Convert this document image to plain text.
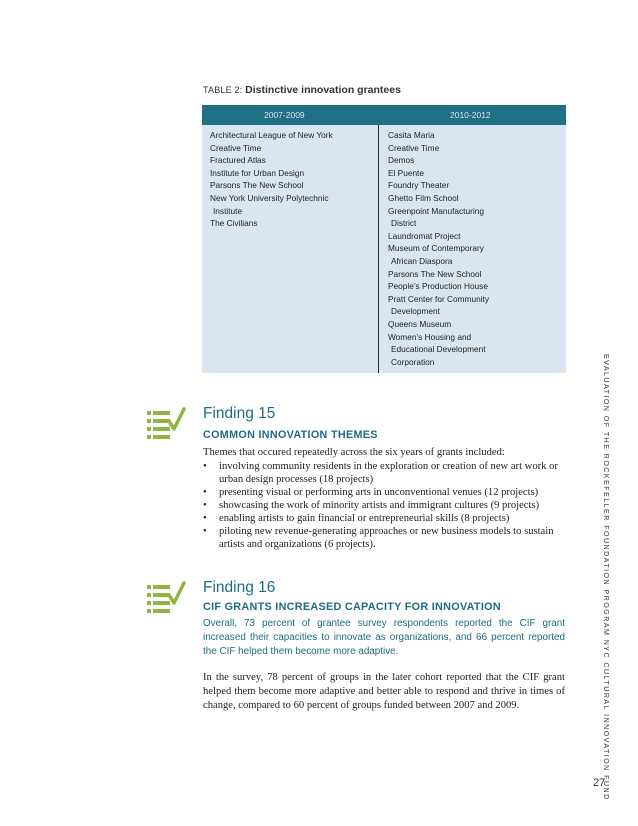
TABLE 2: Distinctive innovation grantees
2007-2009	2010-2012
Architectural League of New York
Creative Time
Fractured Atlas
Institute for Urban Design
Parsons The New School
New York University Polytechnic
Institute
The Civilians
Casita Maria
Creative Time
Demos
El Puente
Foundry Theater
Ghetto Film School
Greenpoint Manufacturing
District
Laundromat Project
Museum of Contemporary
African Diaspora
Parsons The New School
People’s Production House
Pratt Center for Community
Development
Queens Museum
Women’s Housing and
Educational Development
Corporation
Finding 15
COMMON INNOVATION THEMES
Themes that occured repeatedly across the six years of grants included:
• involving community residents in the exploration or creation of new art work or urban design processes (18 projects)
• presenting visual or performing arts in unconventional venues (12 projects)
• showcasing the work of minority artists and immigrant cultures (9 projects)
• enabling artists to gain financial or entrepreneurial skills (8 projects)
• piloting new revenue-generating approaches or new business models to sustain artists and organizations (6 projects).
Finding 16
CIF GRANTS INCREASED CAPACITY FOR INNOVATION
Overall, 73 percent of grantee survey respondents reported the CIF grant increased their capacities to innovate as organizations, and 66 percent reported the CIF helped them become more adaptive.
In the survey, 78 percent of groups in the later cohort reported that the CIF grant helped them become more adaptive and better able to respond and thrive in times of change, compared to 60 percent of groups funded between 2007 and 2009.	EVALUATION OF THE ROCKEFELLER FOUNDATION PROGRAM NYC CULTURAL INNOVATION FUND
27
